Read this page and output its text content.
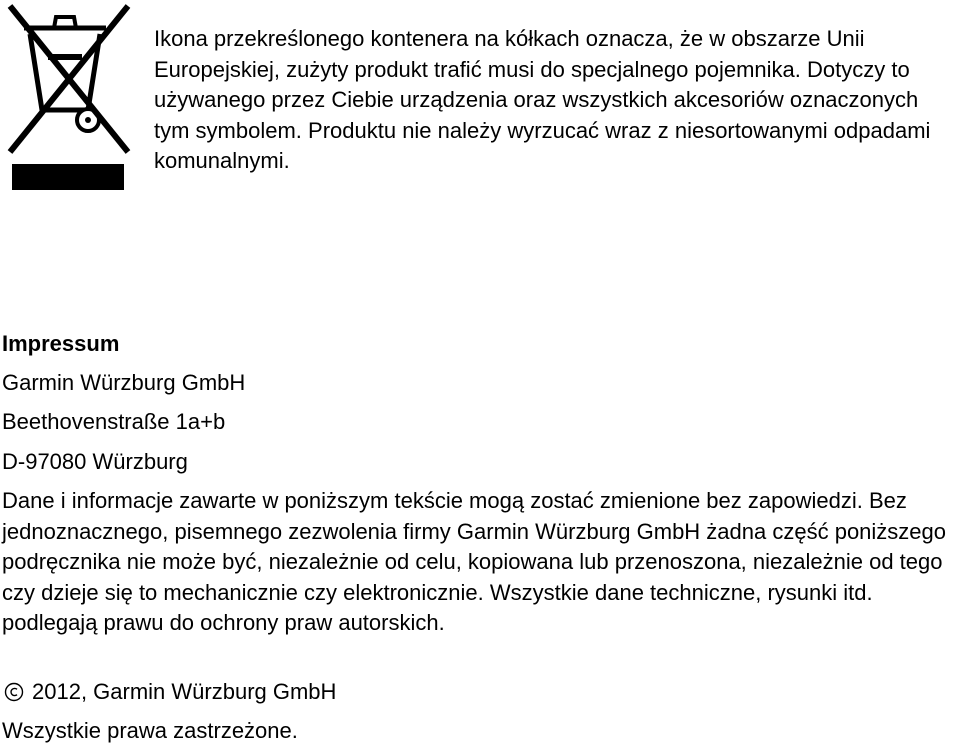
Ikona przekreślonego kontenera na kółkach oznacza, że w obszarze Unii Europejskiej, zużyty produkt trafić musi do specjalnego pojemnika. Dotyczy to używanego przez Ciebie urządzenia oraz wszystkich akcesoriów oznaczonych tym symbolem. Produktu nie należy wyrzucać wraz z niesortowanymi odpadami komunalnymi.

Impressum

Garmin Würzburg GmbH

Beethovenstraße 1a+b

D-97080 Würzburg

Dane i informacje zawarte w poniższym tekście mogą zostać zmienione bez zapowiedzi. Bez jednoznacznego, pisemnego zezwolenia firmy Garmin Würzburg GmbH żadna część poniższego podręcznika nie może być, niezależnie od celu, kopiowana lub przenoszona, niezależnie od tego czy dzieje się to mechanicznie czy elektronicznie. Wszystkie dane techniczne, rysunki itd. podlegają prawu do ochrony praw autorskich.

2012, Garmin Würzburg GmbH

Wszystkie prawa zastrzeżone.
